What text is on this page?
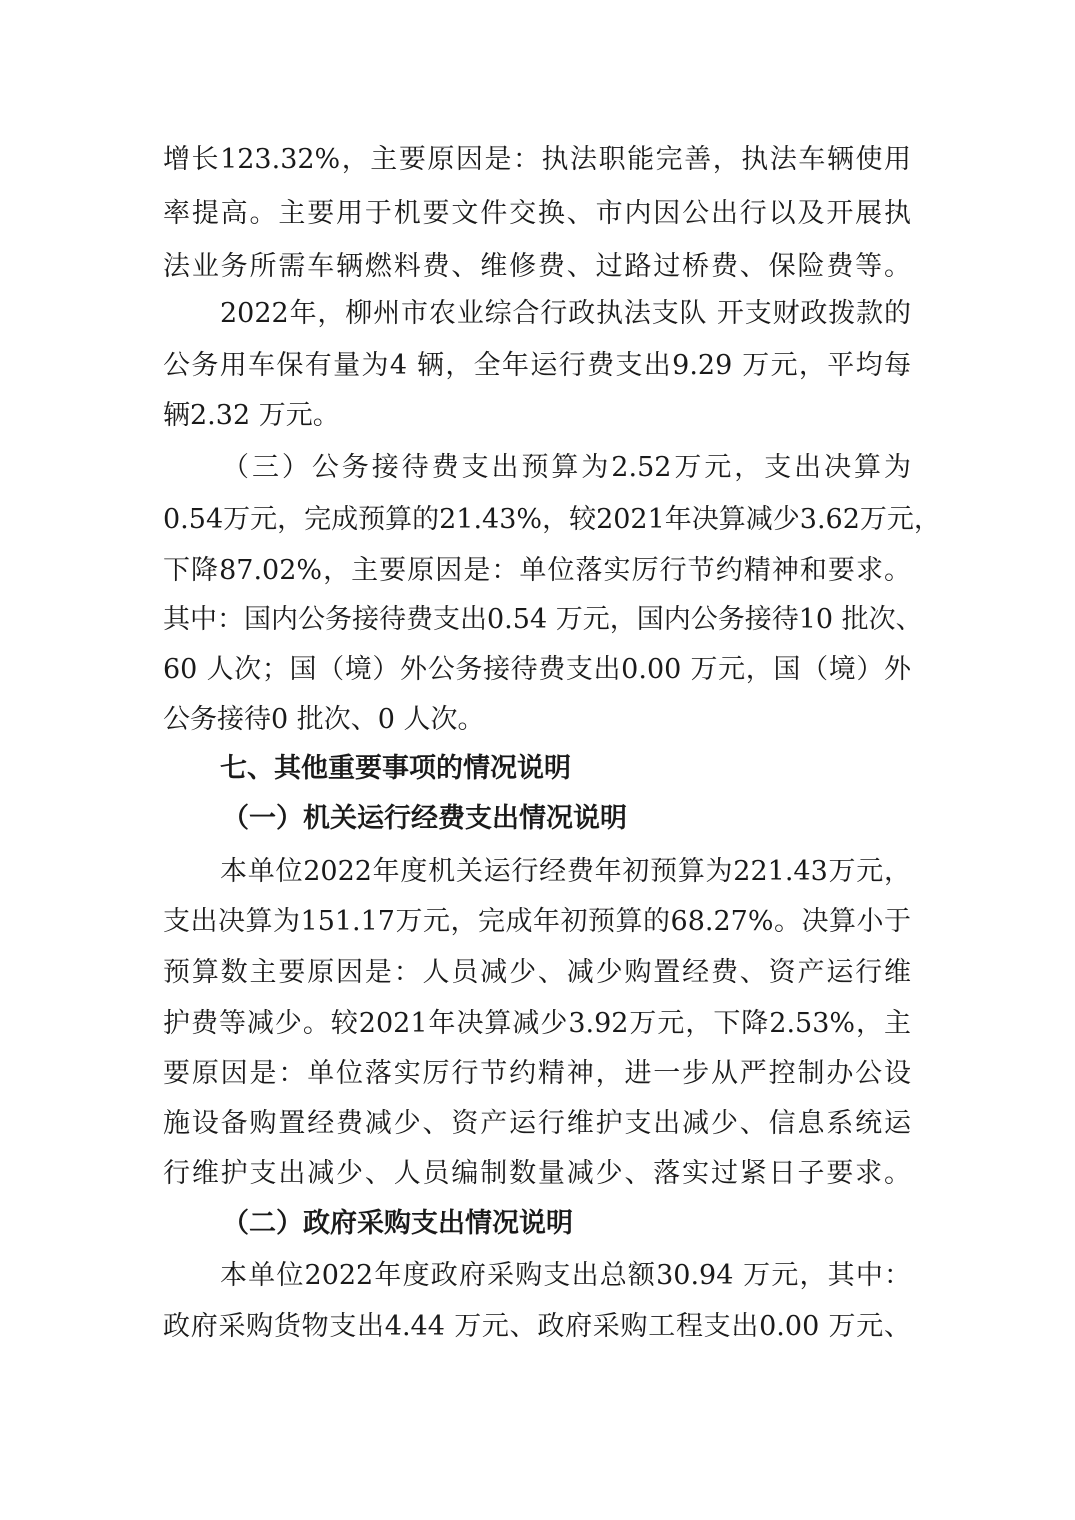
增长123.32%，主要原因是：执法职能完善，执法车辆使用
率提高。主要用于机要文件交换、市内因公出行以及开展执
法业务所需车辆燃料费、维修费、过路过桥费、保险费等。
2022年，柳州市农业综合行政执法支队 开支财政拨款的
公务用车保有量为4 辆，全年运行费支出9.29 万元，平均每
辆2.32 万元。
（三）公务接待费支出预算为2.52万元，支出决算为
0.54万元，完成预算的21.43%，较2021年决算减少3.62万元，
下降87.02%，主要原因是：单位落实厉行节约精神和要求。
其中：国内公务接待费支出0.54 万元，国内公务接待10 批次、
60 人次；国（境）外公务接待费支出0.00 万元，国（境）外
公务接待0 批次、0 人次。
七、其他重要事项的情况说明
（一）机关运行经费支出情况说明
本单位2022年度机关运行经费年初预算为221.43万元，
支出决算为151.17万元，完成年初预算的68.27%。决算小于
预算数主要原因是：人员减少、减少购置经费、资产运行维
护费等减少。较2021年决算减少3.92万元，下降2.53%，主
要原因是：单位落实厉行节约精神，进一步从严控制办公设
施设备购置经费减少、资产运行维护支出减少、信息系统运
行维护支出减少、人员编制数量减少、落实过紧日子要求。
（二）政府采购支出情况说明
本单位2022年度政府采购支出总额30.94 万元，其中：
政府采购货物支出4.44 万元、政府采购工程支出0.00 万元、
